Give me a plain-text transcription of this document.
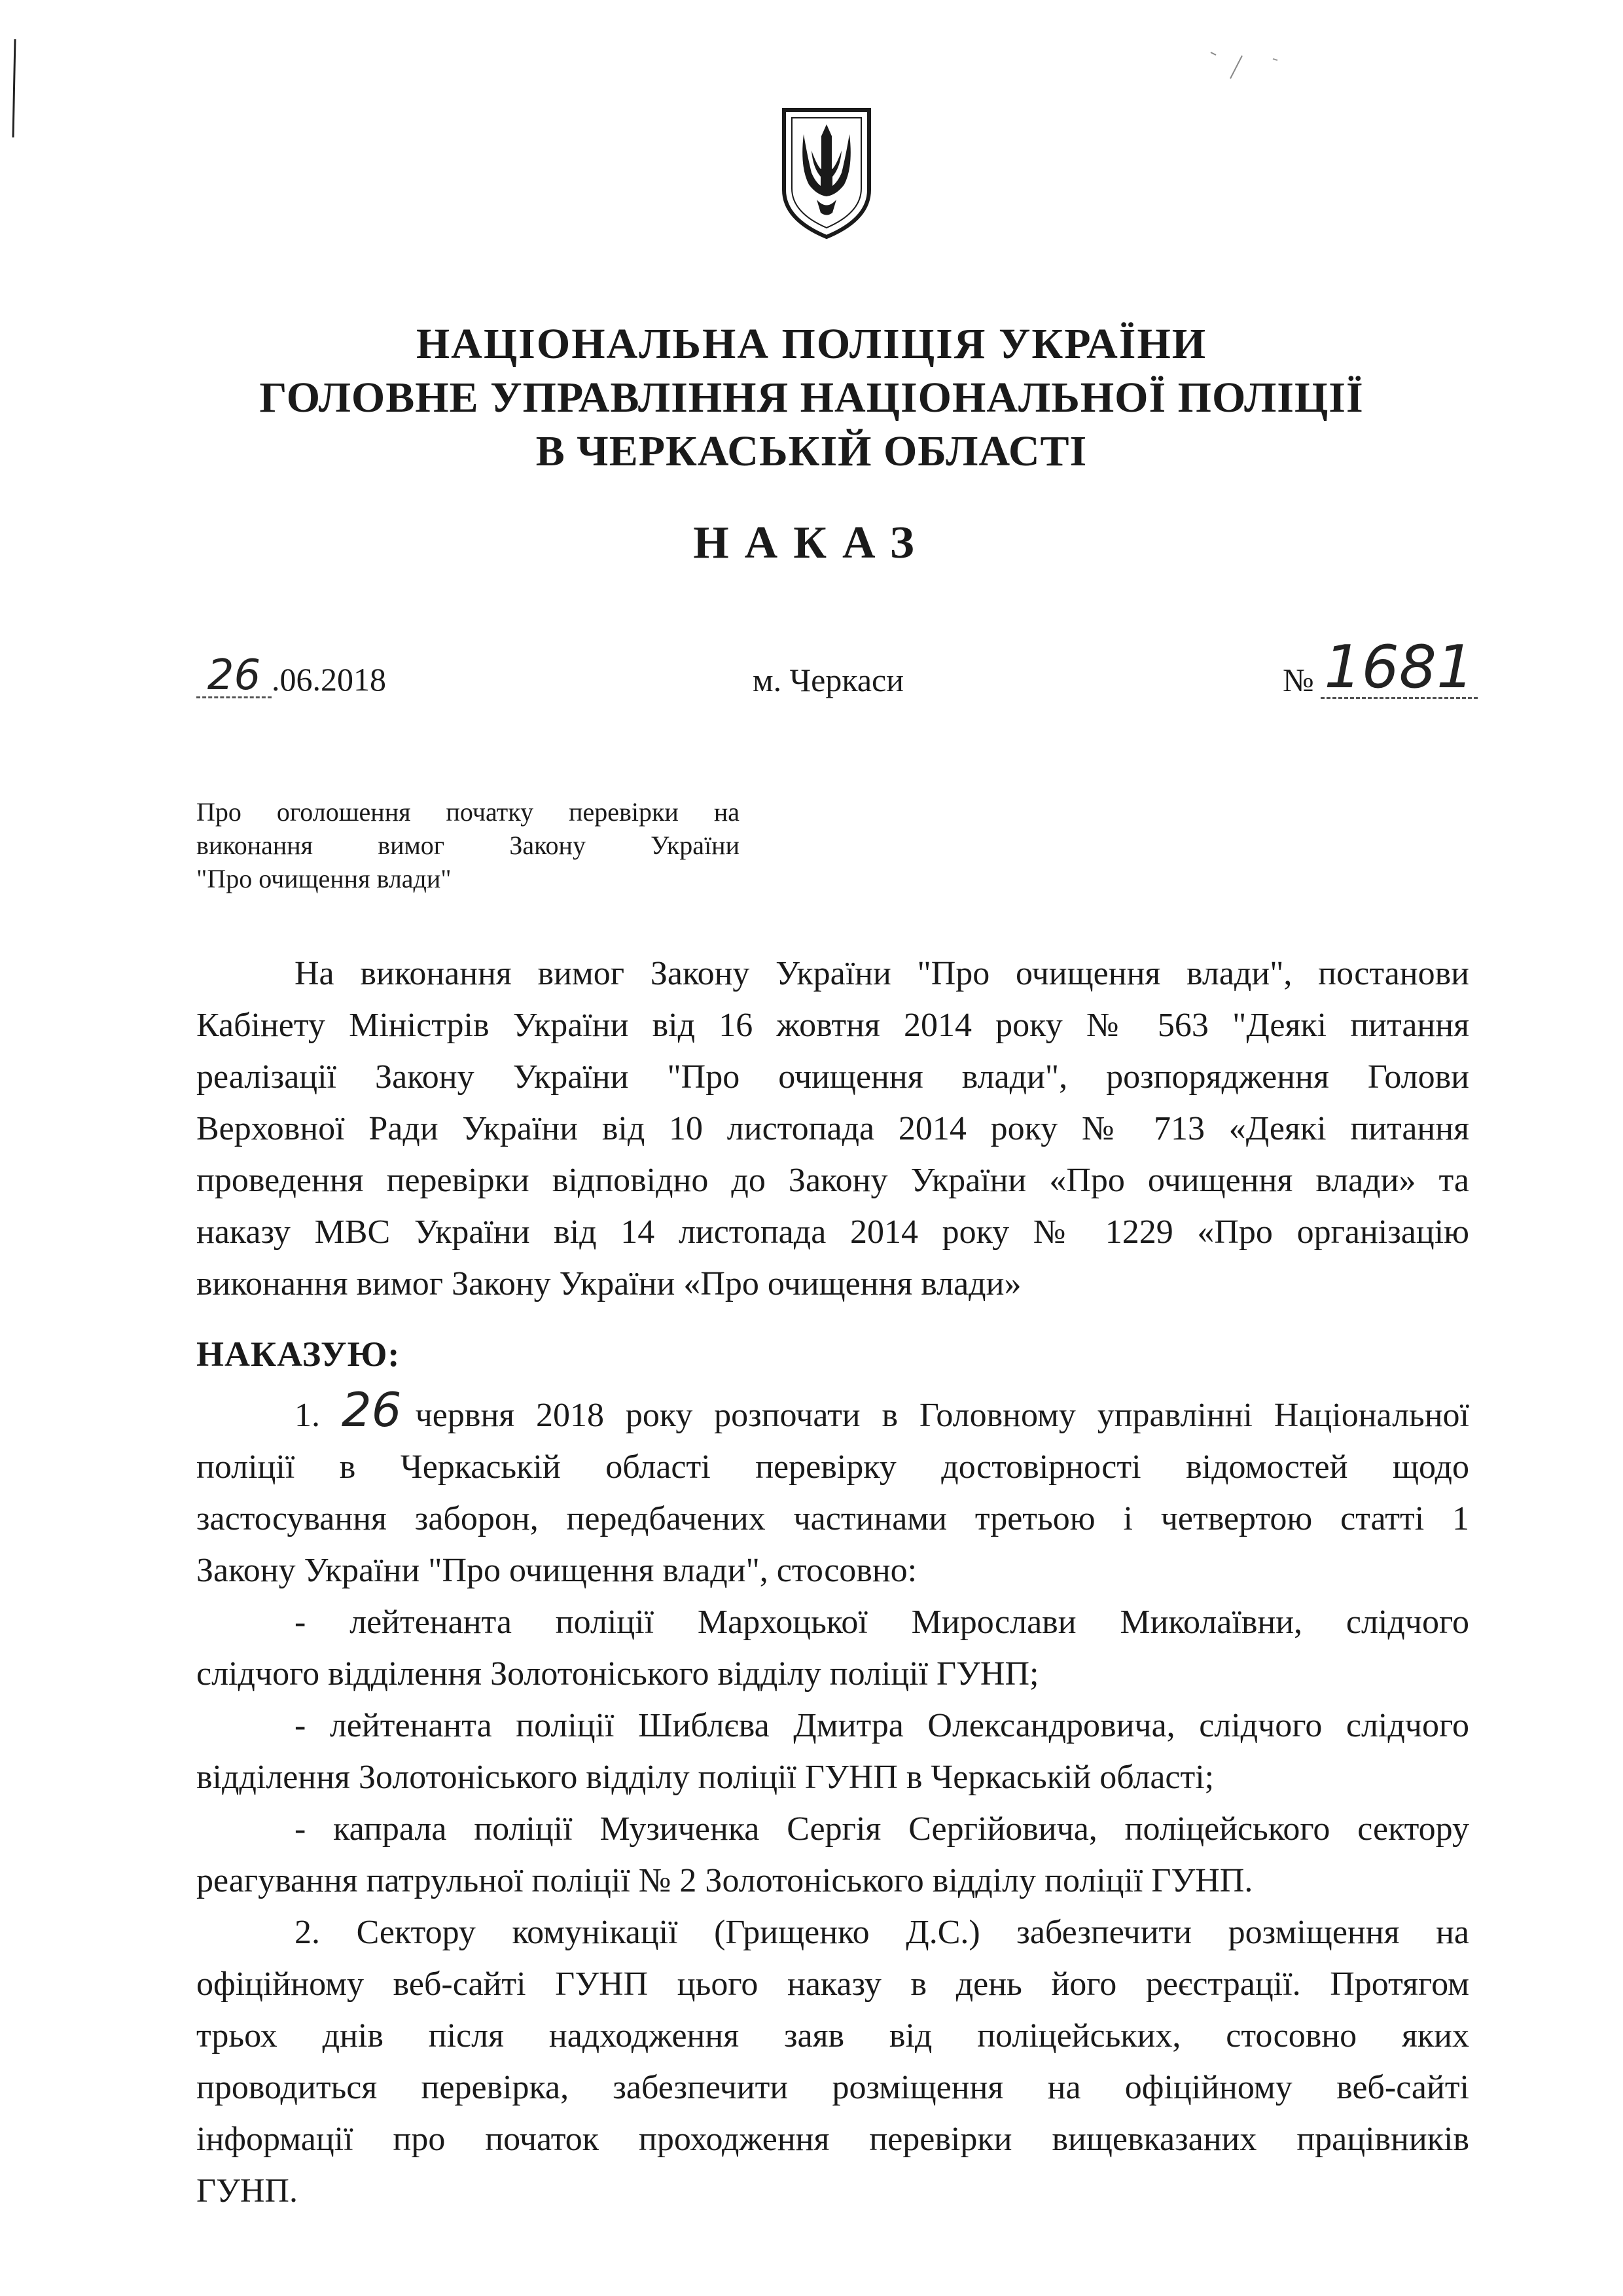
НАЦІОНАЛЬНА ПОЛІЦІЯ УКРАЇНИ
ГОЛОВНЕ УПРАВЛІННЯ НАЦІОНАЛЬНОЇ ПОЛІЦІЇ
В ЧЕРКАСЬКІЙ ОБЛАСТІ
НАКАЗ
26 .06.2018	м. Черкаси	№ 1681
Про оголошення початку перевірки на
виконання вимог Закону України
"Про очищення влади"
На виконання вимог Закону України "Про очищення влади", постанови
Кабінету Міністрів України від 16 жовтня 2014 року № 563 "Деякі питання
реалізації Закону України "Про очищення влади", розпорядження Голови
Верховної Ради України від 10 листопада 2014 року № 713 «Деякі питання
проведення перевірки відповідно до Закону України «Про очищення влади» та
наказу МВС України від 14 листопада 2014 року № 1229 «Про організацію
виконання вимог Закону України «Про очищення влади»
НАКАЗУЮ:
1. 26 червня 2018 року розпочати в Головному управлінні Національної
поліції в Черкаській області перевірку достовірності відомостей щодо
застосування заборон, передбачених частинами третьою і четвертою статті 1
Закону України "Про очищення влади", стосовно:
- лейтенанта поліції Мархоцької Мирослави Миколаївни, слідчого
слідчого відділення Золотоніського відділу поліції ГУНП;
- лейтенанта поліції Шиблєва Дмитра Олександровича, слідчого слідчого
відділення Золотоніського відділу поліції ГУНП в Черкаській області;
- капрала поліції Музиченка Сергія Сергійовича, поліцейського сектору
реагування патрульної поліції № 2 Золотоніського відділу поліції ГУНП.
2. Сектору комунікації (Грищенко Д.С.) забезпечити розміщення на
офіційному веб-сайті ГУНП цього наказу в день його реєстрації. Протягом
трьох днів після надходження заяв від поліцейських, стосовно яких
проводиться перевірка, забезпечити розміщення на офіційному веб-сайті
інформації про початок проходження перевірки вищевказаних працівників
ГУНП.
